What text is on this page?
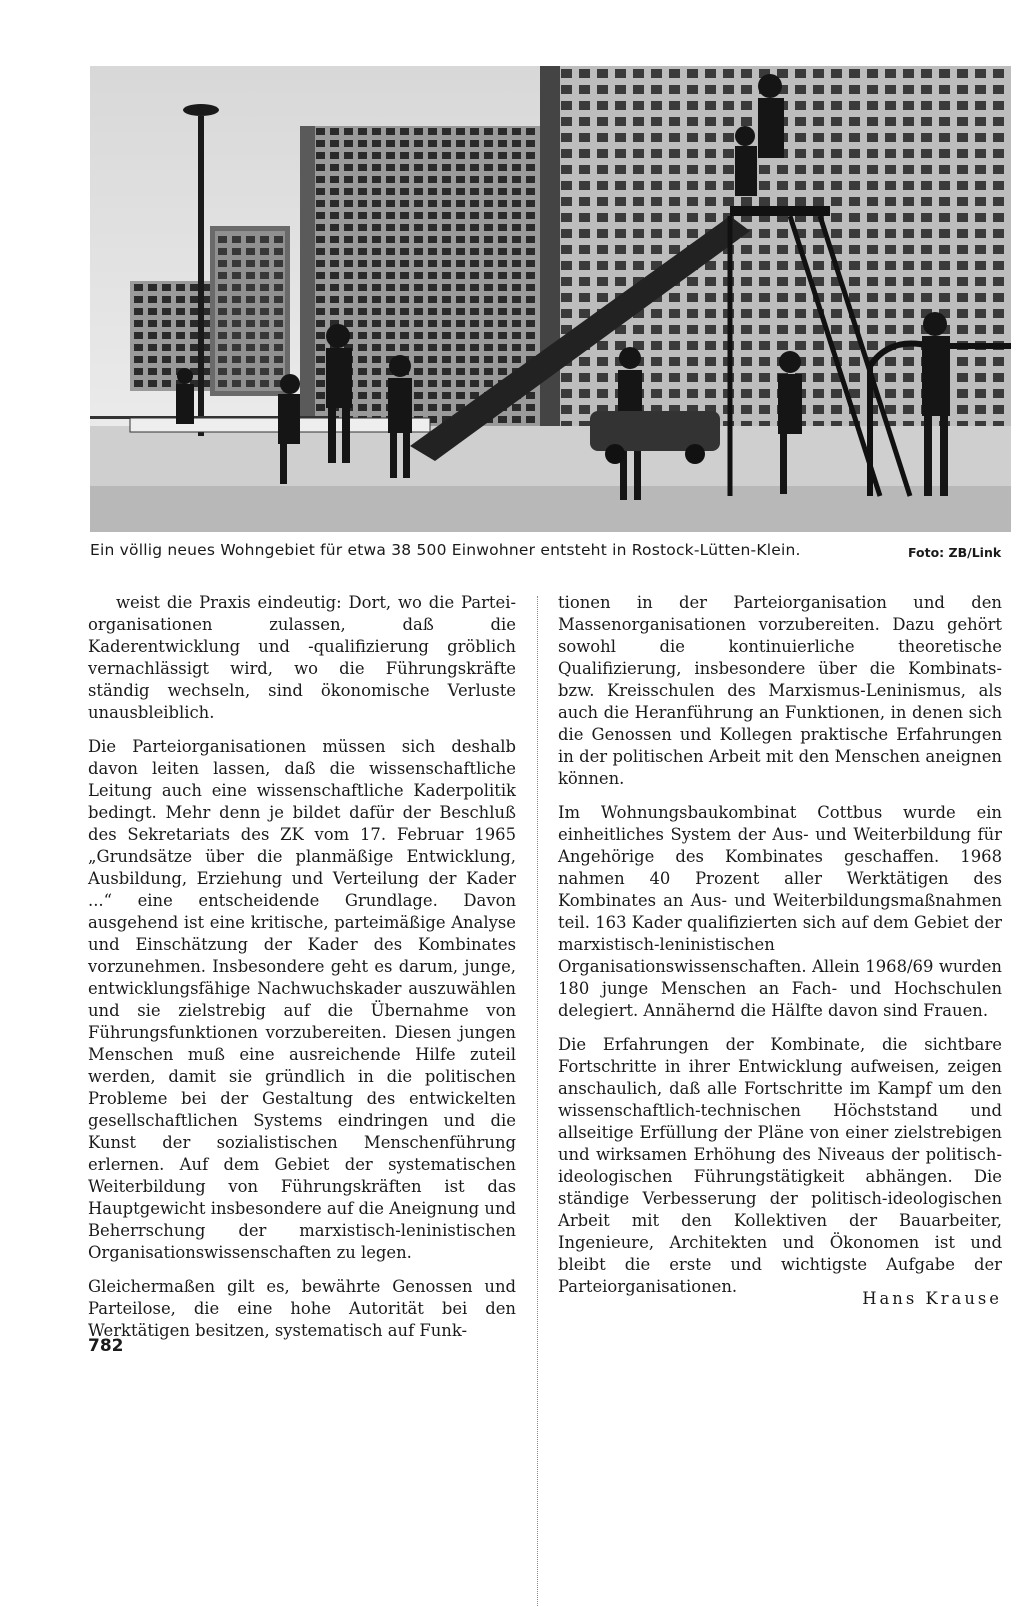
Ein völlig neues Wohngebiet für etwa 38 500 Einwohner entsteht in Rostock-Lütten-Klein.	Foto: ZB/Link

weist die Praxis eindeutig: Dort, wo die Partei-organisationen zulassen, daß die Kaderentwicklung und -qualifizierung gröblich vernachlässigt wird, wo die Führungskräfte ständig wechseln, sind ökonomische Verluste unausbleiblich.

Die Parteiorganisationen müssen sich deshalb davon leiten lassen, daß die wissenschaftliche Leitung auch eine wissenschaftliche Kaderpolitik bedingt. Mehr denn je bildet dafür der Beschluß des Sekretariats des ZK vom 17. Februar 1965 „Grundsätze über die planmäßige Entwicklung, Ausbildung, Erziehung und Verteilung der Kader ...“ eine entscheidende Grundlage. Davon ausgehend ist eine kritische, parteimäßige Analyse und Einschätzung der Kader des Kombinates vorzunehmen. Insbesondere geht es darum, junge, entwicklungsfähige Nachwuchskader auszuwählen und sie zielstrebig auf die Übernahme von Führungsfunktionen vorzubereiten. Diesen jungen Menschen muß eine ausreichende Hilfe zuteil werden, damit sie gründlich in die politischen Probleme bei der Gestaltung des entwickelten gesellschaftlichen Systems eindringen und die Kunst der sozialistischen Menschenführung erlernen. Auf dem Gebiet der systematischen Weiterbildung von Führungskräften ist das Hauptgewicht insbesondere auf die Aneignung und Beherrschung der marxistisch-leninistischen Organisationswissenschaften zu legen.

Gleichermaßen gilt es, bewährte Genossen und Parteilose, die eine hohe Autorität bei den Werktätigen besitzen, systematisch auf Funk-

tionen in der Parteiorganisation und den Massenorganisationen vorzubereiten. Dazu gehört sowohl die kontinuierliche theoretische Qualifizierung, insbesondere über die Kombinats- bzw. Kreisschulen des Marxismus-Leninismus, als auch die Heranführung an Funktionen, in denen sich die Genossen und Kollegen praktische Erfahrungen in der politischen Arbeit mit den Menschen aneignen können.

Im Wohnungsbaukombinat Cottbus wurde ein einheitliches System der Aus- und Weiterbildung für Angehörige des Kombinates geschaffen. 1968 nahmen 40 Prozent aller Werktätigen des Kombinates an Aus- und Weiterbildungsmaßnahmen teil. 163 Kader qualifizierten sich auf dem Gebiet der marxistisch-leninistischen Organisationswissenschaften. Allein 1968/69 wurden 180 junge Menschen an Fach- und Hochschulen delegiert. Annähernd die Hälfte davon sind Frauen.

Die Erfahrungen der Kombinate, die sichtbare Fortschritte in ihrer Entwicklung aufweisen, zeigen anschaulich, daß alle Fortschritte im Kampf um den wissenschaftlich-technischen Höchststand und allseitige Erfüllung der Pläne von einer zielstrebigen und wirksamen Erhöhung des Niveaus der politisch-ideologischen Führungstätigkeit abhängen. Die ständige Verbesserung der politisch-ideologischen Arbeit mit den Kollektiven der Bauarbeiter, Ingenieure, Architekten und Ökonomen ist und bleibt die erste und wichtigste Aufgabe der Parteiorganisationen.

Hans Krause
782
